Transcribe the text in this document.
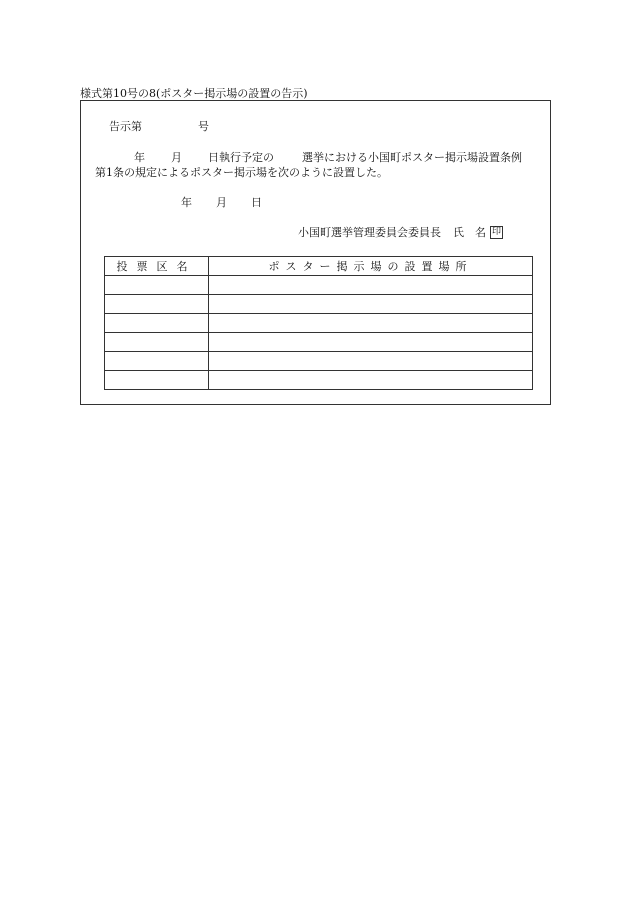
様式第10号の8(ポスター掲示場の設置の告示)
告示第	号
年 月 日執行予定の	選挙における小国町ポスター掲示場設置条例
第1条の規定によるポスター掲示場を次のように設置した。
年 月 日
小国町選挙管理委員会委員長 氏　名 印
投票区名	ポスター掲示場の設置場所
